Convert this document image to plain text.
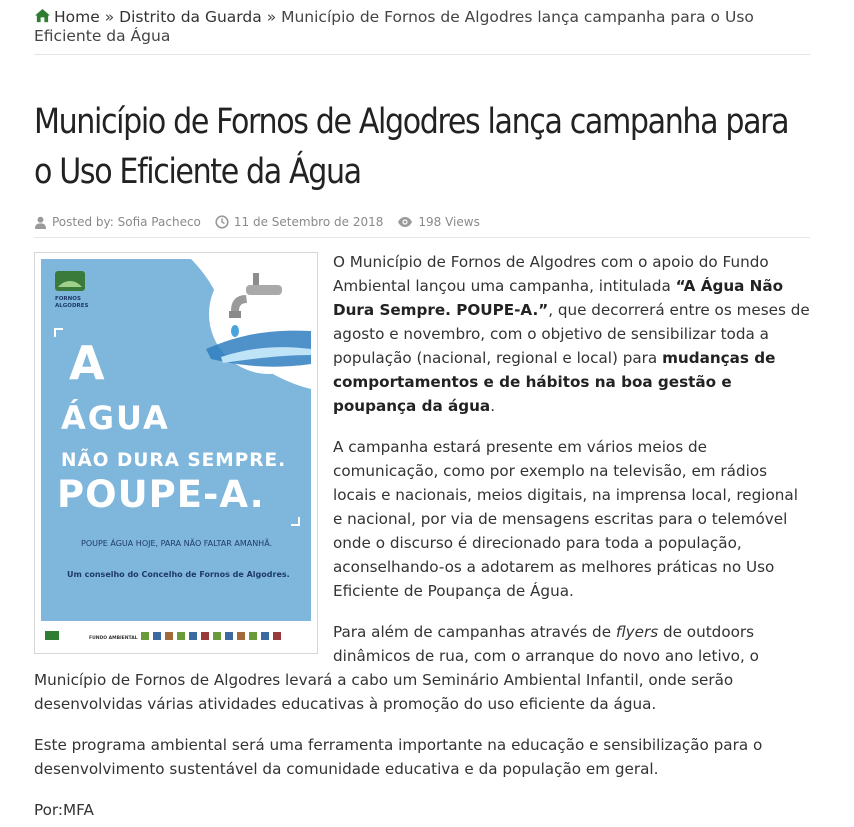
Home » Distrito da Guarda » Município de Fornos de Algodres lança campanha para o Uso Eficiente da Água
Município de Fornos de Algodres lança campanha para o Uso Eficiente da Água
Posted by: Sofia Pacheco	11 de Setembro de 2018	198 Views
FORNOS
ALGODRES
A
ÁGUA
NÃO DURA SEMPRE.
POUPE-A.
POUPE ÁGUA HOJE, PARA NÃO FALTAR AMANHÃ.
Um conselho do Concelho de Fornos de Algodres.
FUNDO AMBIENTAL

O Município de Fornos de Algodres com o apoio do Fundo Ambiental lançou uma campanha, intitulada “A Água Não Dura Sempre. POUPE-A.”, que decorrerá entre os meses de agosto e novembro, com o objetivo de sensibilizar toda a população (nacional, regional e local) para mudanças de comportamentos e de hábitos na boa gestão e poupança da água.

A campanha estará presente em vários meios de comunicação, como por exemplo na televisão, em rádios locais e nacionais, meios digitais, na imprensa local, regional e nacional, por via de mensagens escritas para o telemóvel onde o discurso é direcionado para toda a população, aconselhando-os a adotarem as melhores práticas no Uso Eficiente de Poupança de Água.

Para além de campanhas através de flyers de outdoors dinâmicos de rua, com o arranque do novo ano letivo, o Município de Fornos de Algodres levará a cabo um Seminário Ambiental Infantil, onde serão desenvolvidas várias atividades educativas à promoção do uso eficiente da água.

Este programa ambiental será uma ferramenta importante na educação e sensibilização para o desenvolvimento sustentável da comunidade educativa e da população em geral.

Por:MFA
